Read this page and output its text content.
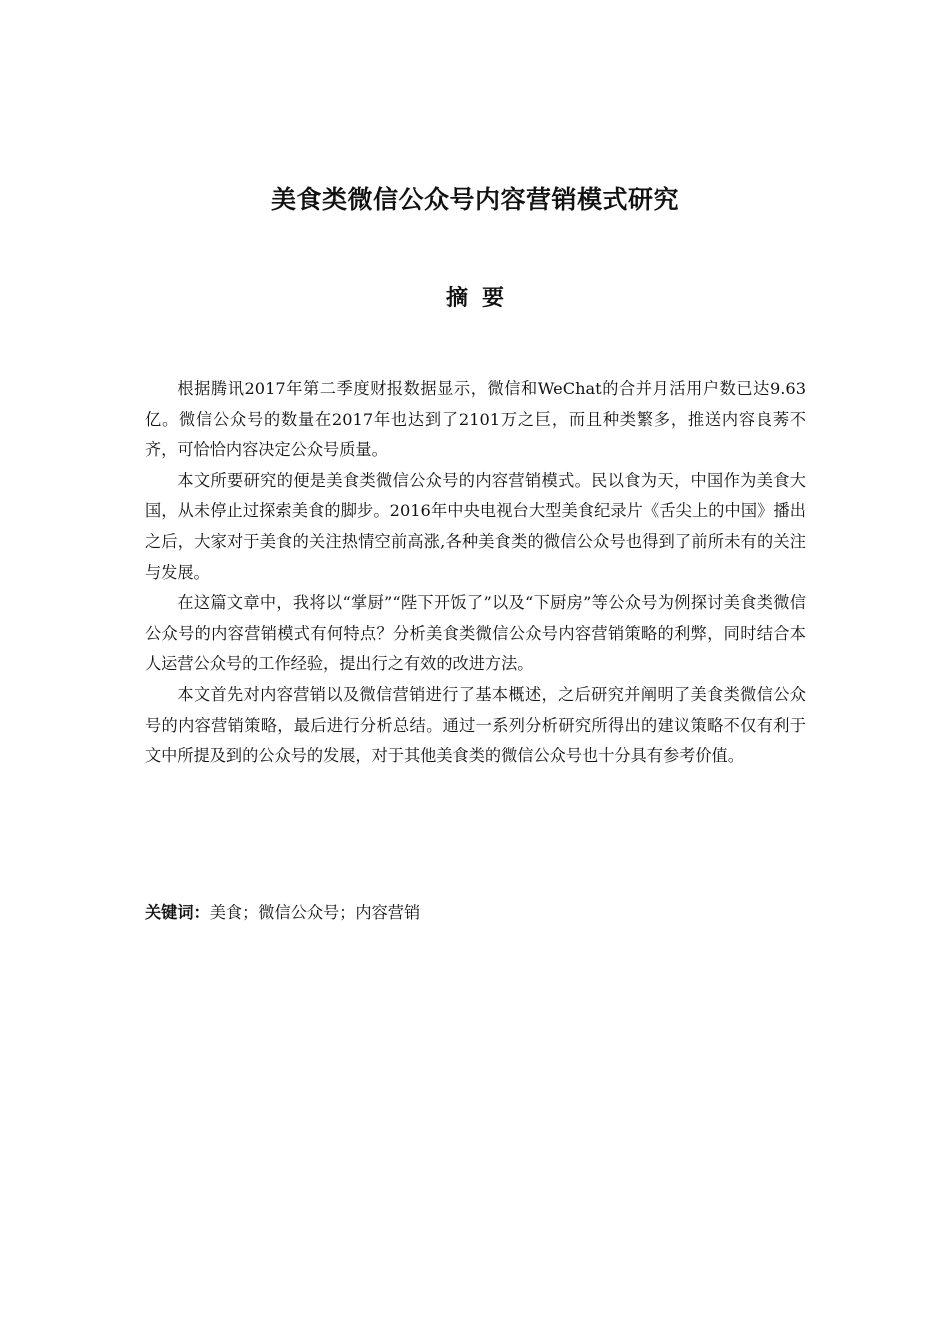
美食类微信公众号内容营销模式研究
摘要

根据腾讯2017年第二季度财报数据显示，微信和WeChat的合并月活用户数已达9.63亿。微信公众号的数量在2017年也达到了2101万之巨，而且种类繁多，推送内容良莠不齐，可恰恰内容决定公众号质量。

本文所要研究的便是美食类微信公众号的内容营销模式。民以食为天，中国作为美食大国，从未停止过探索美食的脚步。2016年中央电视台大型美食纪录片《舌尖上的中国》播出之后，大家对于美食的关注热情空前高涨,各种美食类的微信公众号也得到了前所未有的关注与发展。

在这篇文章中，我将以“掌厨”“陛下开饭了”以及“下厨房”等公众号为例探讨美食类微信公众号的内容营销模式有何特点？分析美食类微信公众号内容营销策略的利弊，同时结合本人运营公众号的工作经验，提出行之有效的改进方法。

本文首先对内容营销以及微信营销进行了基本概述，之后研究并阐明了美食类微信公众号的内容营销策略，最后进行分析总结。通过一系列分析研究所得出的建议策略不仅有利于文中所提及到的公众号的发展，对于其他美食类的微信公众号也十分具有参考价值。

关键词：美食；微信公众号；内容营销
